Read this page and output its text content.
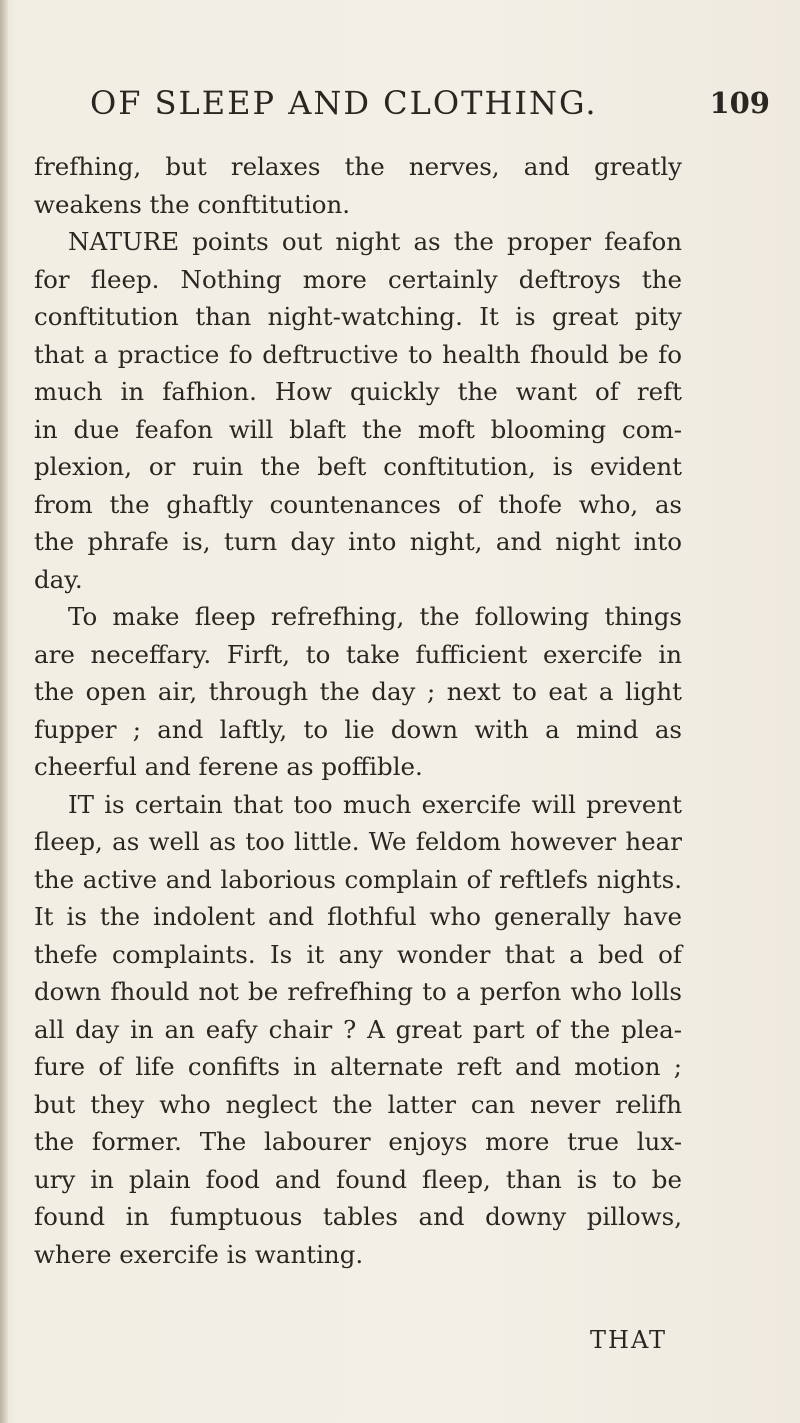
OF SLEEP AND CLOTHING.	109
frefhing, but relaxes the nerves, and greatly
weakens the conftitution.
NATURE points out night as the proper feafon
for fleep. Nothing more certainly deftroys the
conftitution than night-watching. It is great pity
that a practice fo deftructive to health fhould be fo
much in fafhion. How quickly the want of reft
in due feafon will blaft the moft blooming com-
plexion, or ruin the beft conftitution, is evident
from the ghaftly countenances of thofe who, as
the phrafe is, turn day into night, and night into
day.
To make fleep refrefhing, the following things
are neceffary. Firft, to take fufficient exercife in
the open air, through the day ; next to eat a light
fupper ; and laftly, to lie down with a mind as
cheerful and ferene as poffible.
IT is certain that too much exercife will prevent
fleep, as well as too little. We feldom however hear
the active and laborious complain of reftlefs nights.
It is the indolent and flothful who generally have
thefe complaints. Is it any wonder that a bed of
down fhould not be refrefhing to a perfon who lolls
all day in an eafy chair ? A great part of the plea-
fure of life confifts in alternate reft and motion ;
but they who neglect the latter can never relifh
the former. The labourer enjoys more true lux-
ury in plain food and found fleep, than is to be
found in fumptuous tables and downy pillows,
where exercife is wanting.
THAT
